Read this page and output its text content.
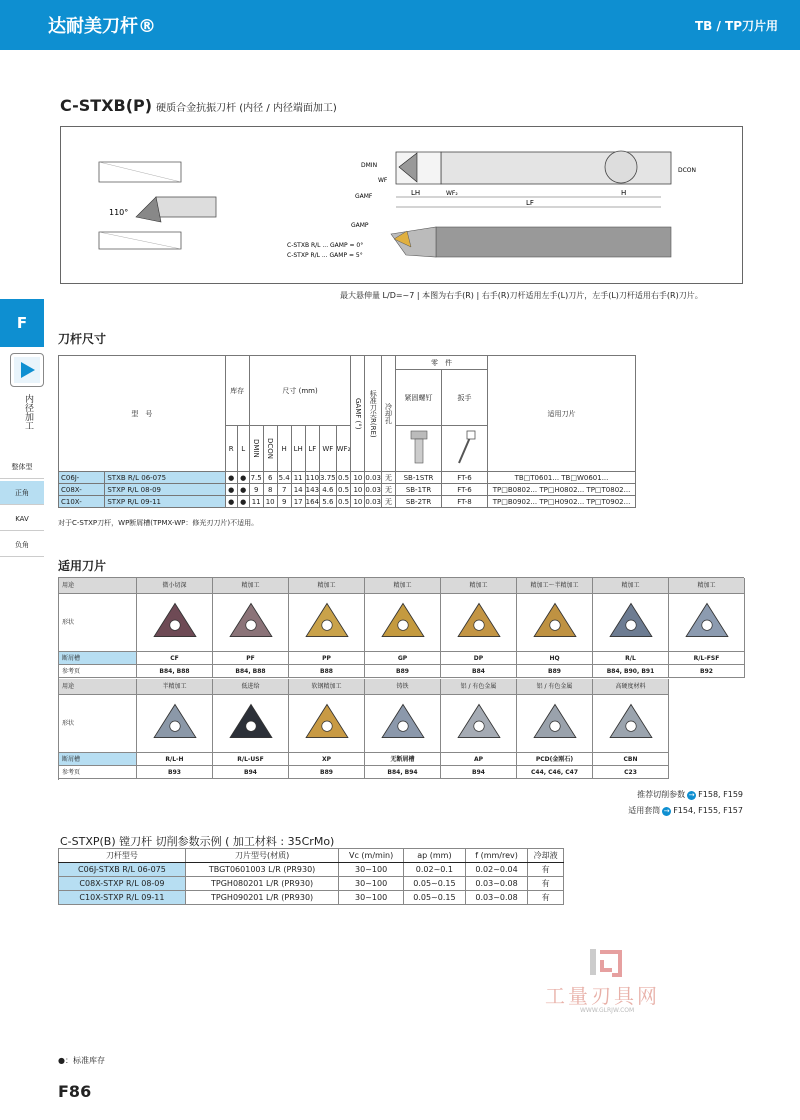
达耐美刀杆®	TB / TP刀片用
C-STXB(P) 硬质合金抗振刀杆 (内径 / 内径端面加工)
110°
LH
LF
H
DMIN
WF
WF₂
DCON
GAMF
GAMP
C-STXB R/L ... GAMP = 0°
C-STXP R/L ... GAMP = 5°
最大悬伸量 L/D=~7 | 本图为右手(R) | 右手(R)刀杆适用左手(L)刀片，左手(L)刀杆适用右手(R)刀片。
F
内径加工
整体型
正角
KAV
负角
刀杆尺寸
型　号		库存		尺寸 (mm)							GAMF (°)	标准刀尖R(RE)	冷却孔	零　件		适用刀片
														紧固螺钉	扳手	
		R	L	DMIN	DCON	H	LH	LF	WF	WF₂		
C06J-	STXB R/L 06-075	●	●	7.5	6	5.4	11	110	3.75	0.5	10	0.03	无	SB-1STR	FT-6	TB□T0601... TB□W0601...
C08X-	STXP R/L 08-09	●	●	9	8	7	14	143	4.6	0.5	10	0.03	无	SB-1TR	FT-6	TP□B0802... TP□H0802... TP□T0802...
C10X-	STXP R/L 09-11	●	●	11	10	9	17	164	5.6	0.5	10	0.03	无	SB-2TR	FT-8	TP□B0902... TP□H0902... TP□T0902...
对于C-STXP刀杆，WP断屑槽(TPMX-WP：修光刃刀片)不适用。
适用刀片
用途	微小切深	精加工	精加工	精加工	精加工	精加工～半精加工	精加工	精加工
形状
断屑槽	CF	PF	PP	GP	DP	HQ	R/L	R/L-FSF
参考页	B84, B88	B84, B88	B88	B89	B84	B89	B84, B90, B91	B92
用途	半精加工	低进给	软钢精加工	铸铁	铝 / 有色金属	铝 / 有色金属	高硬度材料
形状
断屑槽	R/L-H	R/L-USF	XP	无断屑槽	AP	PCD(金刚石)	CBN
参考页	B93	B94	B89	B84, B94	B94	C44, C46, C47	C23
推荐切削参数 → F158, F159
适用套筒 → F154, F155, F157
C-STXP(B) 镗刀杆 切削参数示例 ( 加工材料 : 35CrMo)
刀杆型号	刀片型号(材质)	Vc (m/min)	ap (mm)	f (mm/rev)	冷却液
C06J-STXB R/L 06-075	TBGT0601003 L/R (PR930)	30~100	0.02~0.1	0.02~0.04	有
C08X-STXP R/L 08-09	TPGH080201 L/R (PR930)	30~100	0.05~0.15	0.03~0.08	有
C10X-STXP R/L 09-11	TPGH090201 L/R (PR930)	30~100	0.05~0.15	0.03~0.08	有
工量刃具网
WWW.GLRJW.COM
●：标准库存
F86
